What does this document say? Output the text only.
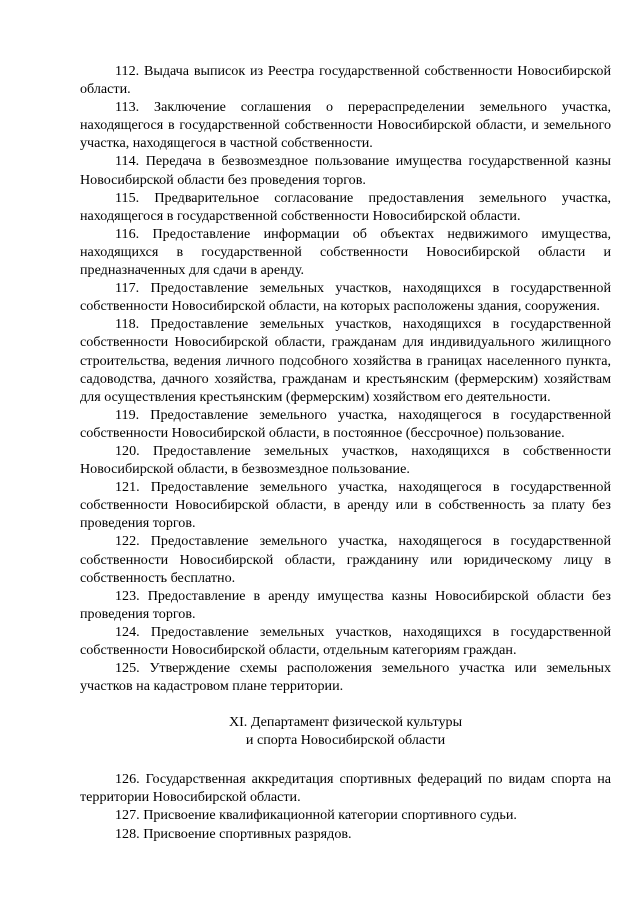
112. Выдача выписок из Реестра государственной собственности Новосибирской области.

113. Заключение соглашения о перераспределении земельного участка, находящегося в государственной собственности Новосибирской области, и земельного участка, находящегося в частной собственности.

114. Передача в безвозмездное пользование имущества государственной казны Новосибирской области без проведения торгов.

115. Предварительное согласование предоставления земельного участка, находящегося в государственной собственности Новосибирской области.

116. Предоставление информации об объектах недвижимого имущества, находящихся в государственной собственности Новосибирской области и предназначенных для сдачи в аренду.

117. Предоставление земельных участков, находящихся в государственной собственности Новосибирской области, на которых расположены здания, сооружения.

118. Предоставление земельных участков, находящихся в государственной собственности Новосибирской области, гражданам для индивидуального жилищного строительства, ведения личного подсобного хозяйства в границах населенного пункта, садоводства, дачного хозяйства, гражданам и крестьянским (фермерским) хозяйствам для осуществления крестьянским (фермерским) хозяйством его деятельности.

119. Предоставление земельного участка, находящегося в государственной собственности Новосибирской области, в постоянное (бессрочное) пользование.

120. Предоставление земельных участков, находящихся в собственности Новосибирской области, в безвозмездное пользование.

121. Предоставление земельного участка, находящегося в государственной собственности Новосибирской области, в аренду или в собственность за плату без проведения торгов.

122. Предоставление земельного участка, находящегося в государственной собственности Новосибирской области, гражданину или юридическому лицу в собственность бесплатно.

123. Предоставление в аренду имущества казны Новосибирской области без проведения торгов.

124. Предоставление земельных участков, находящихся в государственной собственности Новосибирской области, отдельным категориям граждан.

125. Утверждение схемы расположения земельного участка или земельных участков на кадастровом плане территории.

XI. Департамент физической культуры
и спорта Новосибирской области

126. Государственная аккредитация спортивных федераций по видам спорта на территории Новосибирской области.

127. Присвоение квалификационной категории спортивного судьи.

128. Присвоение спортивных разрядов.
